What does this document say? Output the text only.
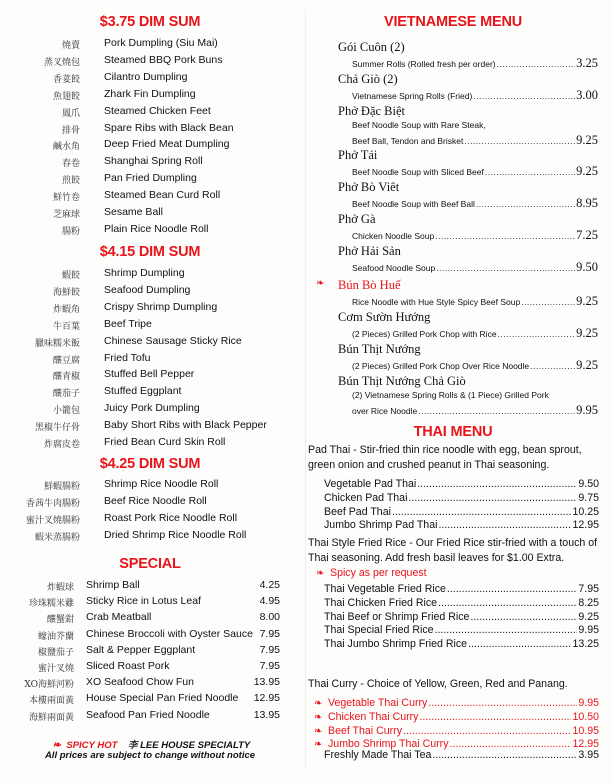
$3.75 DIM SUM
燒賣	Pork Dumpling (Siu Mai)
蒸叉燒包	Steamed BBQ Pork Buns
香荽餃	Cilantro Dumpling
魚翅餃	Zhark Fin Dumpling
鳳爪	Steamed Chicken Feet
排骨	Spare Ribs with Black Bean
鹹水角	Deep Fried Meat Dumpling
春卷	Shanghai Spring Roll
煎餃	Pan Fried Dumpling
鮮竹卷	Steamed Bean Curd Roll
芝麻球	Sesame Ball
腸粉	Plain Rice Noodle Roll
$4.15 DIM SUM
蝦餃	Shrimp Dumpling
海鮮餃	Seafood Dumpling
炸蝦角	Crispy Shrimp Dumpling
牛百葉	Beef Tripe
臘味糯米飯	Chinese Sausage Sticky Rice
釀豆腐	Fried Tofu
釀青椒	Stuffed Bell Pepper
釀茄子	Stuffed Eggplant
小籠包	Juicy Pork Dumpling
黑椒牛仔骨	Baby Short Ribs with Black Pepper
炸腐皮卷	Fried Bean Curd Skin Roll
$4.25 DIM SUM
鮮蝦腸粉	Shrimp Rice Noodle Roll
香茜牛肉腸粉	Beef Rice Noodle Roll
蜜汁叉燒腸粉	Roast Pork Rice Noodle Roll
蝦米蒸腸粉	Dried Shrimp Rice Noodle Roll
SPECIAL
炸蝦球	Shrimp Ball	4.25
珍珠糯米雞	Sticky Rice in Lotus Leaf	4.95
釀蟹鉗	Crab Meatball	8.00
蠔油芥蘭	Chinese Broccoli with Oyster Sauce 7.95
椒鹽茄子	Salt & Pepper Eggplant	7.95
蜜汁叉燒	Sliced Roast Pork	7.95
XO海鮮河粉	XO Seafood Chow Fun	13.95
本樓兩面黃	House Special Pan Fried Noodle	12.95
海鮮兩面黃	Seafood Pan Fried Noodle	13.95
❧ SPICY HOT 李 LEE HOUSE SPECIALTY
All prices are subject to change without notice
VIETNAMESE MENU
Gói Cuôn (2)
Summer Rolls (Rolled fresh per order) .....	3.25
Chả Giò (2)
Vietnamese Spring Rolls (Fried) .....	3.00
Phở Đặc Biệt
Beef Noodle Soup with Rare Steak,
Beef Ball, Tendon and Brisket .....	9.25
Phở Tái
Beef Noodle Soup with Sliced Beef .....	9.25
Phở Bò Viêt
Beef Noodle Soup with Beef Ball .....	8.95
Phở Gà
Chicken Noodle Soup .....	7.25
Phở Hải Sản
Seafood Noodle Soup .....	9.50
❧	Bún Bò Huế
Rice Noodle with Hue Style Spicy Beef Soup .....	9.25
Cơm Sườn Hướng
(2 Pieces) Grilled Pork Chop with Rice .....	9.25
Bún Thịt Nướng
(2 Pieces) Grilled Pork Chop Over Rice Noodle .....	9.25
Bún Thịt Nướng Chả Giò
(2) Vietnamese Spring Rolls & (1 Piece) Grilled Pork
over Rice Noodle .....	9.95
THAI MENU
Pad Thai - Stir-fried thin rice noodle with egg, bean sprout, green onion and crushed peanut in Thai seasoning.
Vegetable Pad Thai .....	9.50
Chicken Pad Thai .....	9.75
Beef Pad Thai .....	10.25
Jumbo Shrimp Pad Thai .....	12.95
Thai Style Fried Rice - Our Fried Rice stir-fried with a touch of Thai seasoning. Add fresh basil leaves for $1.00 Extra.
❧ Spicy as per request
Thai Vegetable Fried Rice .....	7.95
Thai Chicken Fried Rice .....	8.25
Thai Beef or Shrimp Fried Rice .....	9.25
Thai Special Fried Rice .....	9.95
Thai Jumbo Shrimp Fried Rice .....	13.25
Thai Curry - Choice of Yellow, Green, Red and Panang.
❧ Vegetable Thai Curry .....	9.95
❧ Chicken Thai Curry .....	10.50
❧ Beef Thai Curry .....	10.95
❧ Jumbo Shrimp Thai Curry .....	12.95
Freshly Made Thai Tea .....	3.95
